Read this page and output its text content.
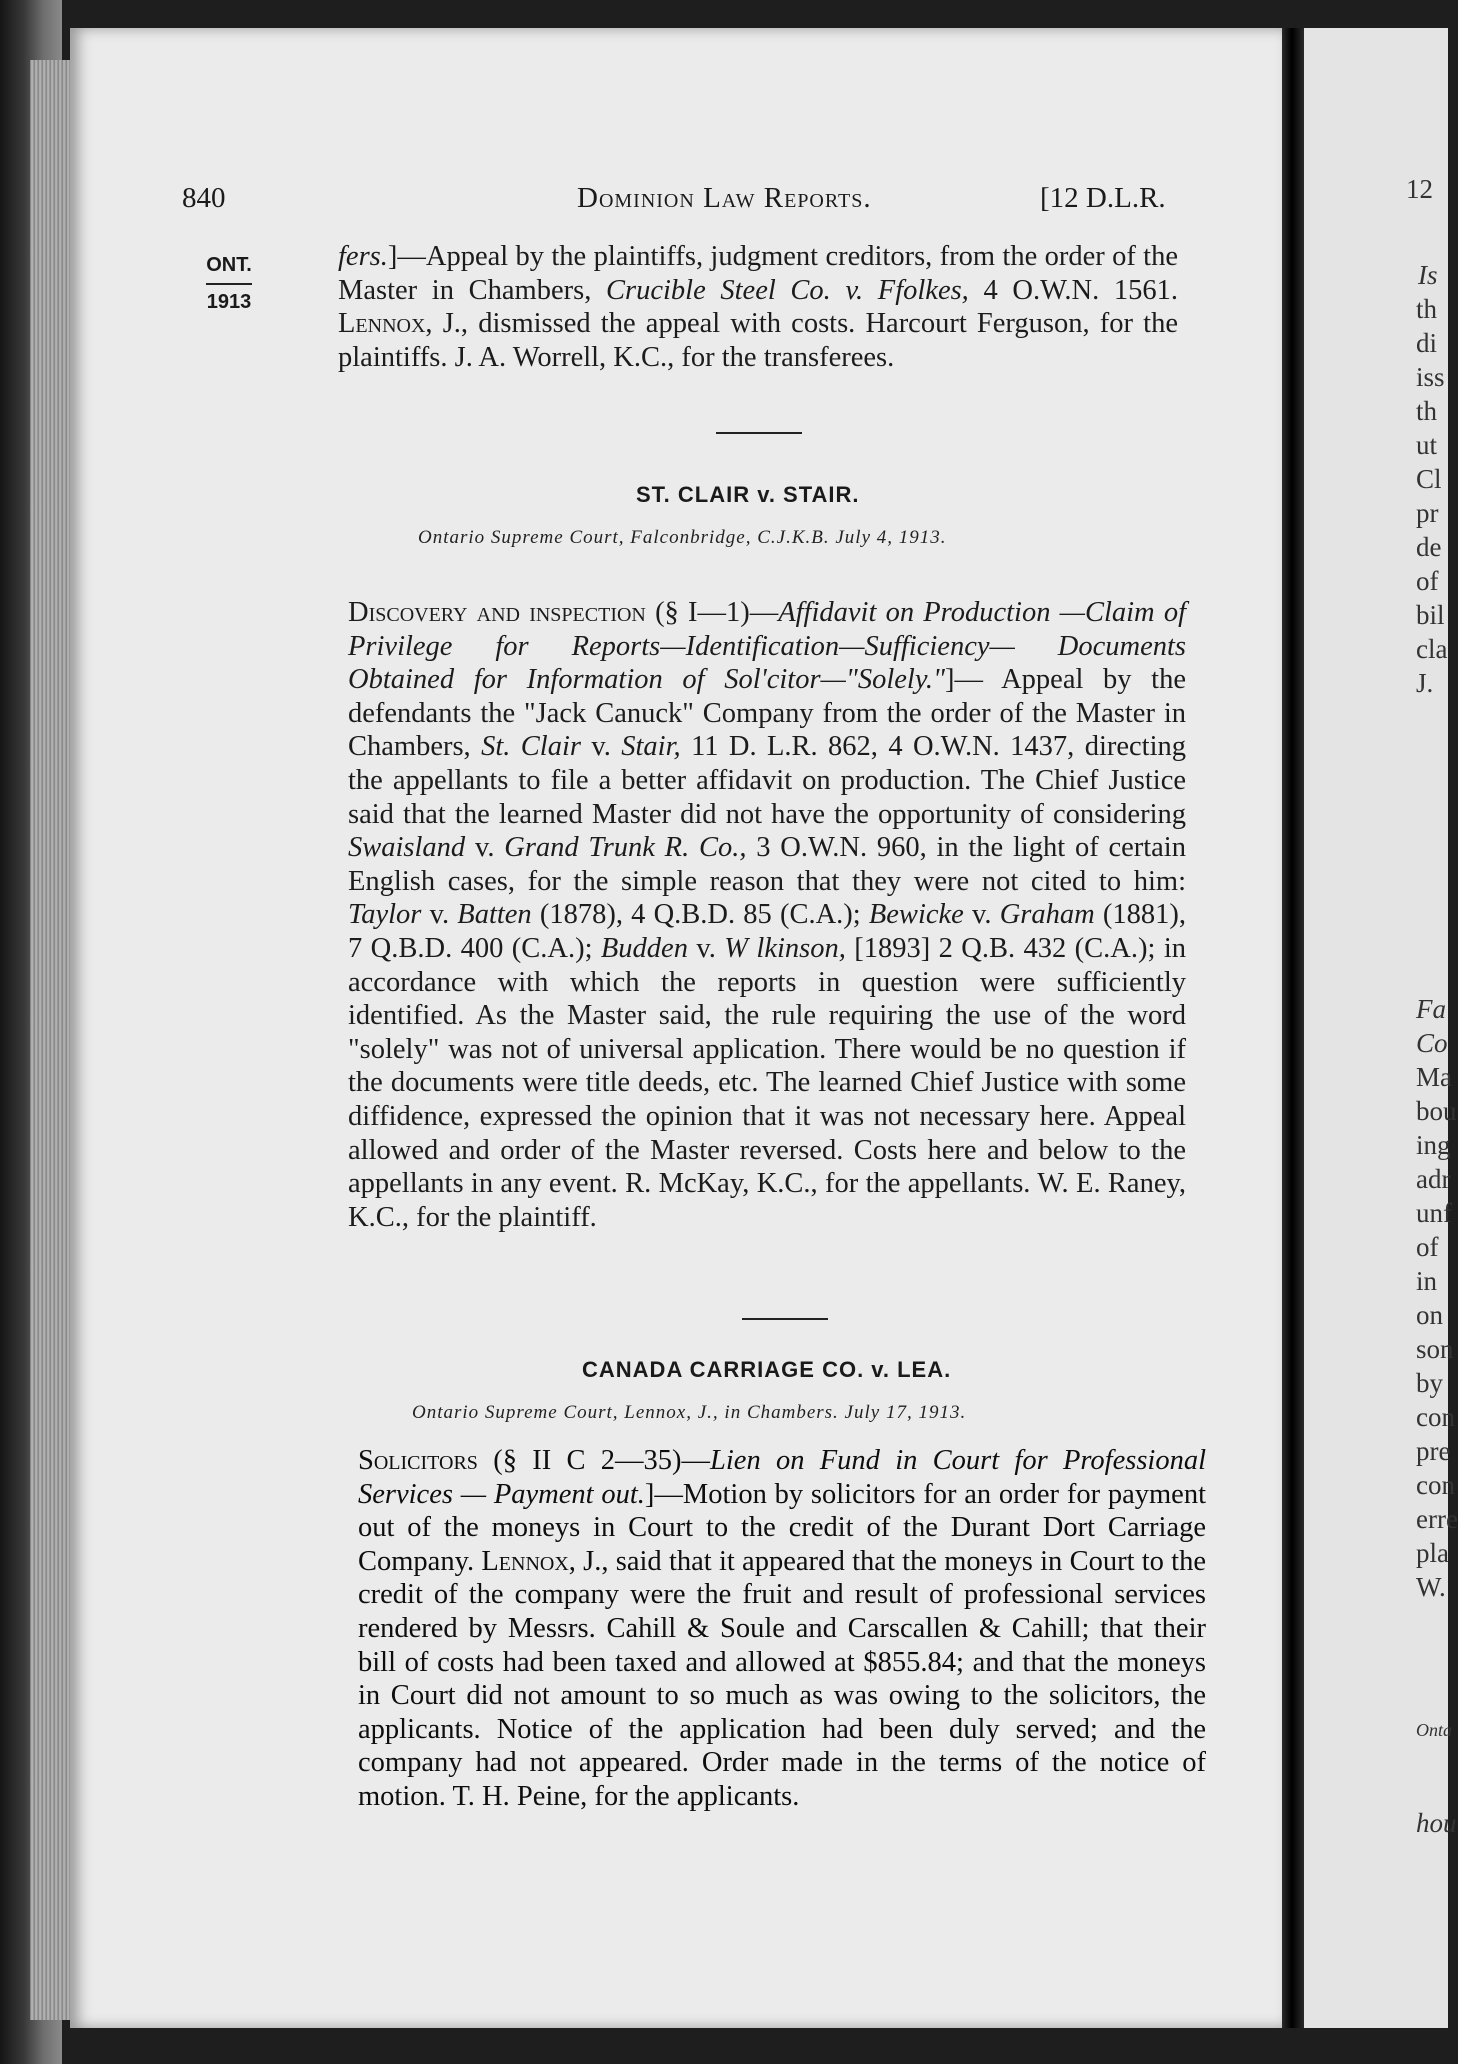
12
Is
th
di
iss
th
ut
Cl
pr
de
of
bil
cla
J.
Fa
Co
Ma
bou
ing
adr
unf
of
in
on
son
by
con
pre
con
erre
pla
W.
Onta
hou
840	Dominion Law Reports.	[12 D.L.R.
ONT.
1913
fers.]—Appeal by the plaintiffs, judgment creditors, from the order of the Master in Chambers, Crucible Steel Co. v. Ffolkes, 4 O.W.N. 1561. Lennox, J., dismissed the appeal with costs. Harcourt Ferguson, for the plaintiffs. J. A. Worrell, K.C., for the transferees.
ST. CLAIR v. STAIR.
Ontario Supreme Court, Falconbridge, C.J.K.B. July 4, 1913.
Discovery and inspection (§ I—1)—Affidavit on Production —Claim of Privilege for Reports—Identification—Sufficiency— Documents Obtained for Information of Sol'citor—"Solely."]— Appeal by the defendants the "Jack Canuck" Company from the order of the Master in Chambers, St. Clair v. Stair, 11 D. L.R. 862, 4 O.W.N. 1437, directing the appellants to file a better affidavit on production. The Chief Justice said that the learned Master did not have the opportunity of considering Swaisland v. Grand Trunk R. Co., 3 O.W.N. 960, in the light of certain English cases, for the simple reason that they were not cited to him: Taylor v. Batten (1878), 4 Q.B.D. 85 (C.A.); Bewicke v. Graham (1881), 7 Q.B.D. 400 (C.A.); Budden v. W lkinson, [1893] 2 Q.B. 432 (C.A.); in accordance with which the reports in question were sufficiently identified. As the Master said, the rule requiring the use of the word "solely" was not of universal application. There would be no question if the documents were title deeds, etc. The learned Chief Justice with some diffidence, expressed the opinion that it was not necessary here. Appeal allowed and order of the Master reversed. Costs here and below to the appellants in any event. R. McKay, K.C., for the appellants. W. E. Raney, K.C., for the plaintiff.
CANADA CARRIAGE CO. v. LEA.
Ontario Supreme Court, Lennox, J., in Chambers. July 17, 1913.
Solicitors (§ II C 2—35)—Lien on Fund in Court for Professional Services — Payment out.]—Motion by solicitors for an order for payment out of the moneys in Court to the credit of the Durant Dort Carriage Company. Lennox, J., said that it appeared that the moneys in Court to the credit of the company were the fruit and result of professional services rendered by Messrs. Cahill & Soule and Carscallen & Cahill; that their bill of costs had been taxed and allowed at $855.84; and that the moneys in Court did not amount to so much as was owing to the solicitors, the applicants. Notice of the application had been duly served; and the company had not appeared. Order made in the terms of the notice of motion. T. H. Peine, for the applicants.
